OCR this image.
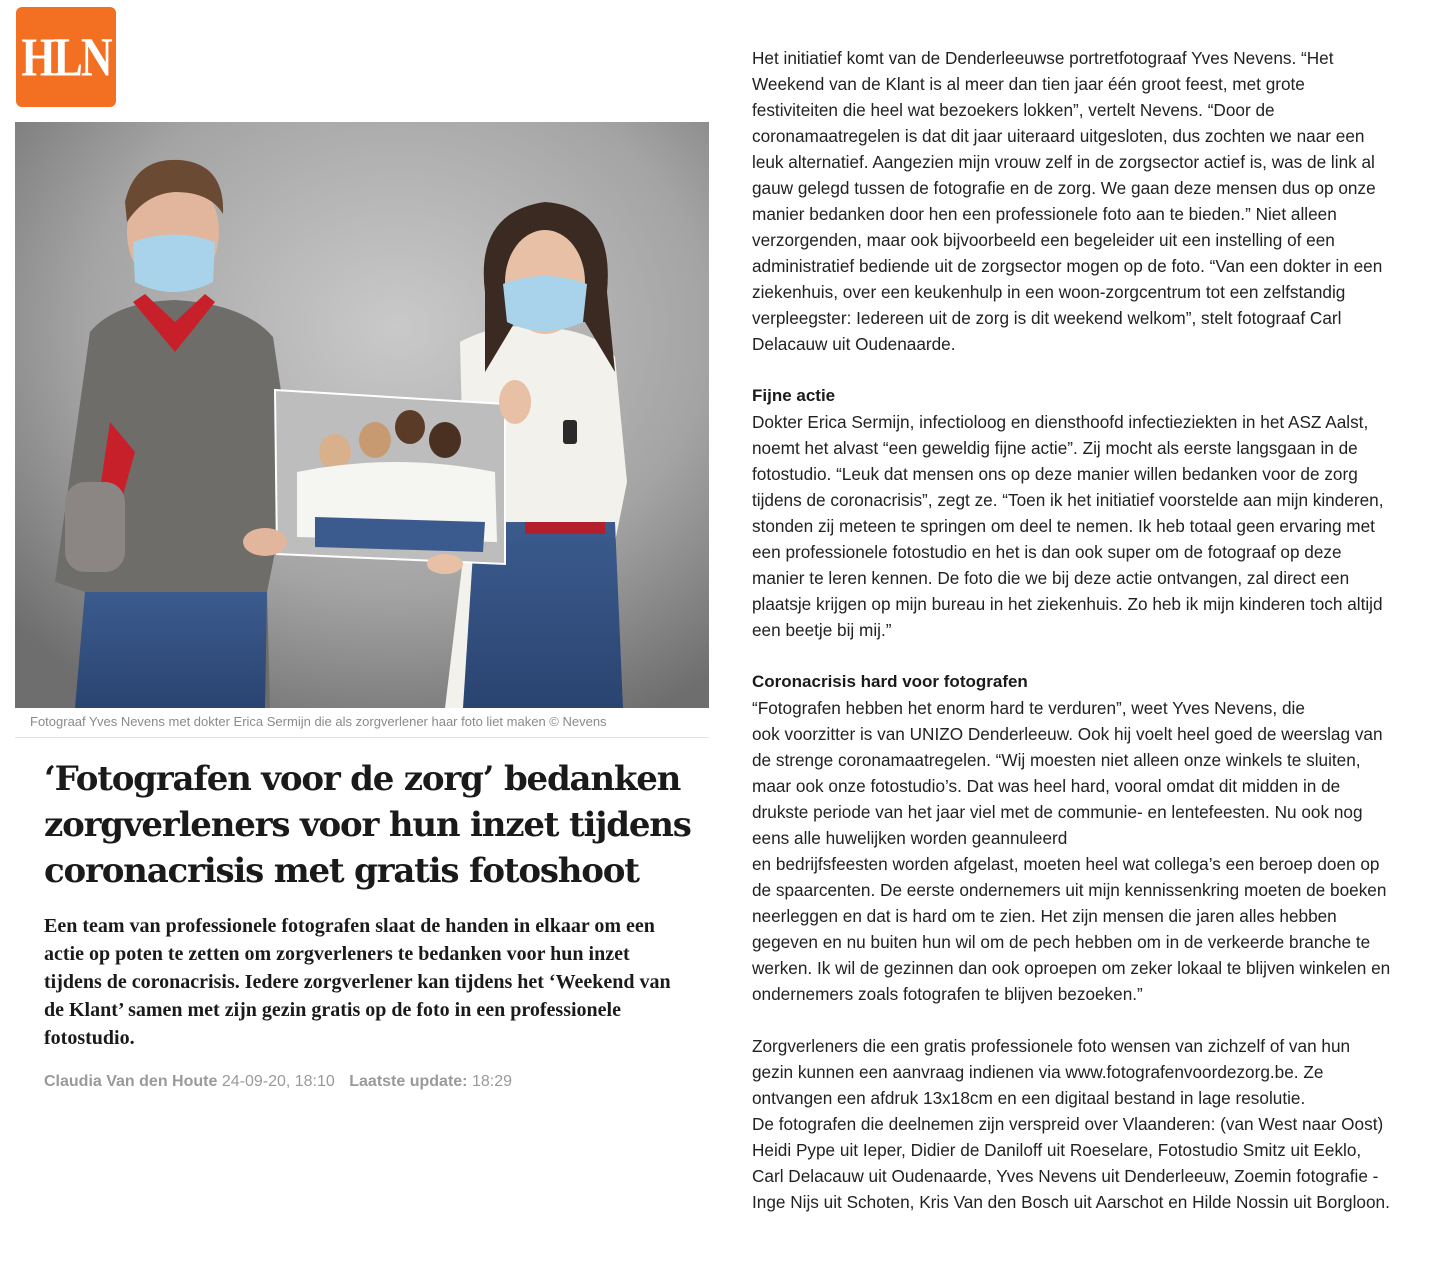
HLN
Fotograaf Yves Nevens met dokter Erica Sermijn die als zorgverlener haar foto liet maken © Nevens
‘Fotografen voor de zorg’ bedanken zorgverleners voor hun inzet tijdens coronacrisis met gratis fotoshoot

Een team van professionele fotografen slaat de handen in elkaar om een actie op poten te zetten om zorgverleners te bedanken voor hun inzet tijdens de coronacrisis. Iedere zorgverlener kan tijdens het ‘Weekend van de Klant’ samen met zijn gezin gratis op de foto in een professionele fotostudio.

Claudia Van den Houte 24-09-20, 18:10 Laatste update: 18:29

Het initiatief komt van de Denderleeuwse portretfotograaf Yves Nevens. “Het Weekend van de Klant is al meer dan tien jaar één groot feest, met grote festiviteiten die heel wat bezoekers lokken”, vertelt Nevens. “Door de coronamaatregelen is dat dit jaar uiteraard uitgesloten, dus zochten we naar een leuk alternatief. Aangezien mijn vrouw zelf in de zorgsector actief is, was de link al gauw gelegd tussen de fotografie en de zorg. We gaan deze mensen dus op onze manier bedanken door hen een professionele foto aan te bieden.” Niet alleen verzorgenden, maar ook bijvoorbeeld een begeleider uit een instelling of een administratief bediende uit de zorgsector mogen op de foto. “Van een dokter in een ziekenhuis, over een keukenhulp in een woon-zorgcentrum tot een zelfstandig verpleegster: Iedereen uit de zorg is dit weekend welkom”, stelt fotograaf Carl Delacauw uit Oudenaarde.

Fijne actie

Dokter Erica Sermijn, infectioloog en diensthoofd infectieziekten in het ASZ Aalst, noemt het alvast “een geweldig fijne actie”. Zij mocht als eerste langsgaan in de fotostudio. “Leuk dat mensen ons op deze manier willen bedanken voor de zorg tijdens de coronacrisis”, zegt ze. “Toen ik het initiatief voorstelde aan mijn kinderen, stonden zij meteen te springen om deel te nemen. Ik heb totaal geen ervaring met een professionele fotostudio en het is dan ook super om de fotograaf op deze manier te leren kennen. De foto die we bij deze actie ontvangen, zal direct een plaatsje krijgen op mijn bureau in het ziekenhuis. Zo heb ik mijn kinderen toch altijd een beetje bij mij.”

Coronacrisis hard voor fotografen

“Fotografen hebben het enorm hard te verduren”, weet Yves Nevens, die

ook voorzitter is van UNIZO Denderleeuw. Ook hij voelt heel goed de weerslag van de strenge coronamaatregelen. “Wij moesten niet alleen onze winkels te sluiten, maar ook onze fotostudio’s. Dat was heel hard, vooral omdat dit midden in de drukste periode van het jaar viel met de communie- en lentefeesten. Nu ook nog eens alle huwelijken worden geannuleerd

en bedrijfsfeesten worden afgelast, moeten heel wat collega’s een beroep doen op de spaarcenten. De eerste ondernemers uit mijn kennissenkring moeten de boeken neerleggen en dat is hard om te zien. Het zijn mensen die jaren alles hebben gegeven en nu buiten hun wil om de pech hebben om in de verkeerde branche te werken. Ik wil de gezinnen dan ook oproepen om zeker lokaal te blijven winkelen en ondernemers zoals fotografen te blijven bezoeken.”

Zorgverleners die een gratis professionele foto wensen van zichzelf of van hun gezin kunnen een aanvraag indienen via www.fotografenvoordezorg.be. Ze ontvangen een afdruk 13x18cm en een digitaal bestand in lage resolutie.

De fotografen die deelnemen zijn verspreid over Vlaanderen: (van West naar Oost) Heidi Pype uit Ieper, Didier de Daniloff uit Roeselare, Fotostudio Smitz uit Eeklo, Carl Delacauw uit Oudenaarde, Yves Nevens uit Denderleeuw, Zoemin fotografie - Inge Nijs uit Schoten, Kris Van den Bosch uit Aarschot en Hilde Nossin uit Borgloon.
